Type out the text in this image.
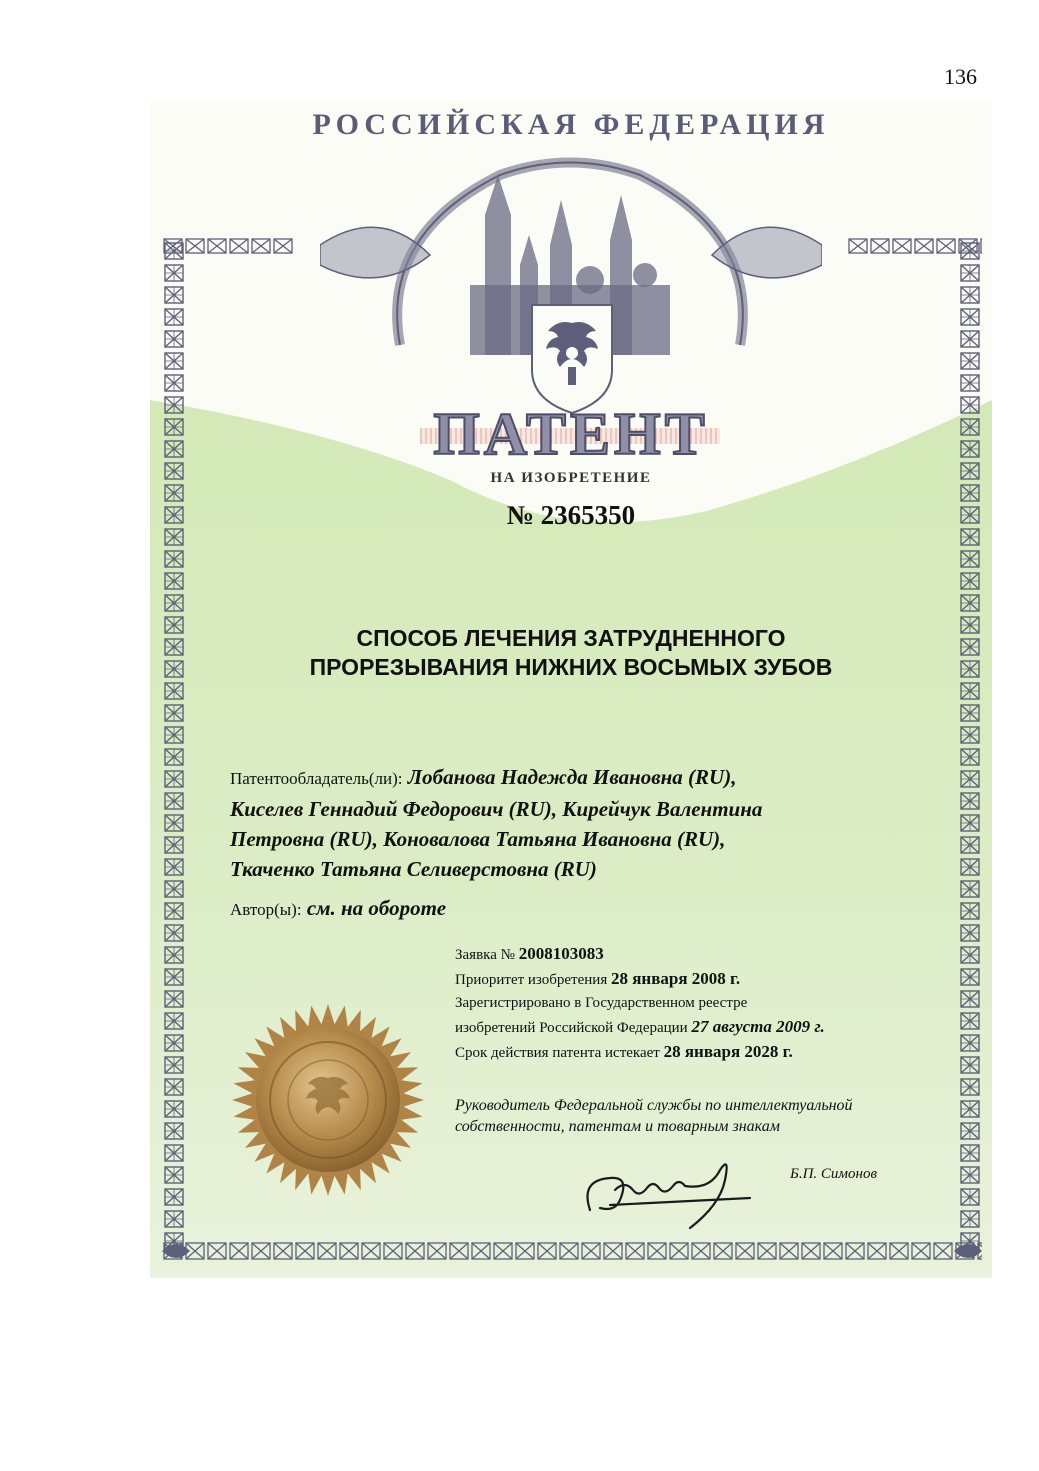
136
РОССИЙСКАЯ ФЕДЕРАЦИЯ
ПАТЕНТ
НА ИЗОБРЕТЕНИЕ
№ 2365350
СПОСОБ ЛЕЧЕНИЯ ЗАТРУДНЕННОГО
ПРОРЕЗЫВАНИЯ НИЖНИХ ВОСЬМЫХ ЗУБОВ
Патентообладатель(ли): Лобанова Надежда Ивановна (RU),
Киселев Геннадий Федорович (RU), Кирейчук Валентина
Петровна (RU), Коновалова Татьяна Ивановна (RU),
Ткаченко Татьяна Селиверстовна (RU)
Автор(ы): см. на обороте
Заявка № 2008103083
Приоритет изобретения 28 января 2008 г.
Зарегистрировано в Государственном реестре
изобретений Российской Федерации 27 августа 2009 г.
Срок действия патента истекает 28 января 2028 г.
Руководитель Федеральной службы по интеллектуальной
собственности, патентам и товарным знакам
Б.П. Симонов
